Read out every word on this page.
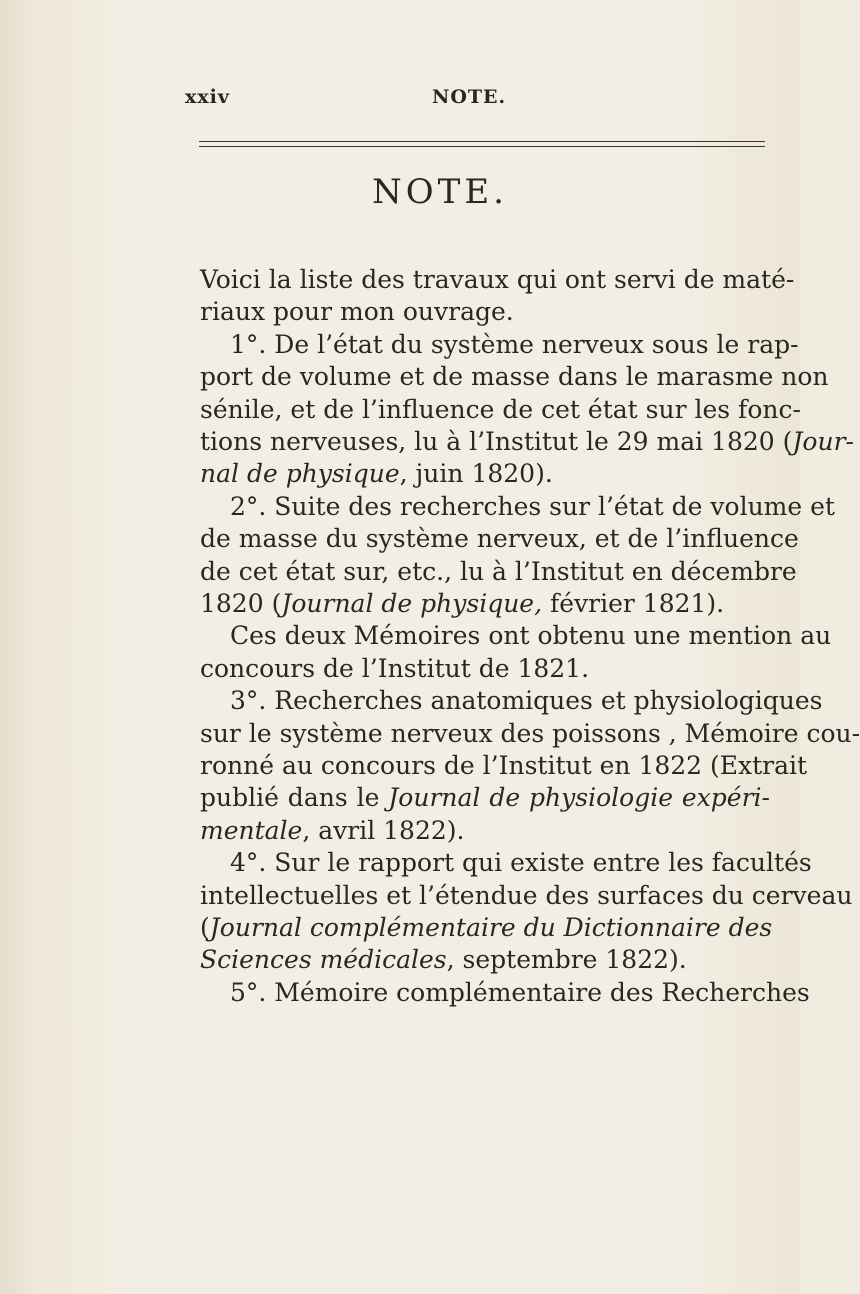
xxiv	NOTE.
NOTE.
Voici la liste des travaux qui ont servi de maté-
riaux pour mon ouvrage.
1°. De l’état du système nerveux sous le rap-
port de volume et de masse dans le marasme non
sénile, et de l’influence de cet état sur les fonc-
tions nerveuses, lu à l’Institut le 29 mai 1820 (Jour-
nal de physique, juin 1820).
2°. Suite des recherches sur l’état de volume et
de masse du système nerveux, et de l’influence
de cet état sur, etc., lu à l’Institut en décembre
1820 (Journal de physique, février 1821).
Ces deux Mémoires ont obtenu une mention au
concours de l’Institut de 1821.
3°. Recherches anatomiques et physiologiques
sur le système nerveux des poissons , Mémoire cou-
ronné au concours de l’Institut en 1822 (Extrait
publié dans le Journal de physiologie expéri-
mentale, avril 1822).
4°. Sur le rapport qui existe entre les facultés
intellectuelles et l’étendue des surfaces du cerveau
(Journal complémentaire du Dictionnaire des
Sciences médicales, septembre 1822).
5°. Mémoire complémentaire des Recherches
